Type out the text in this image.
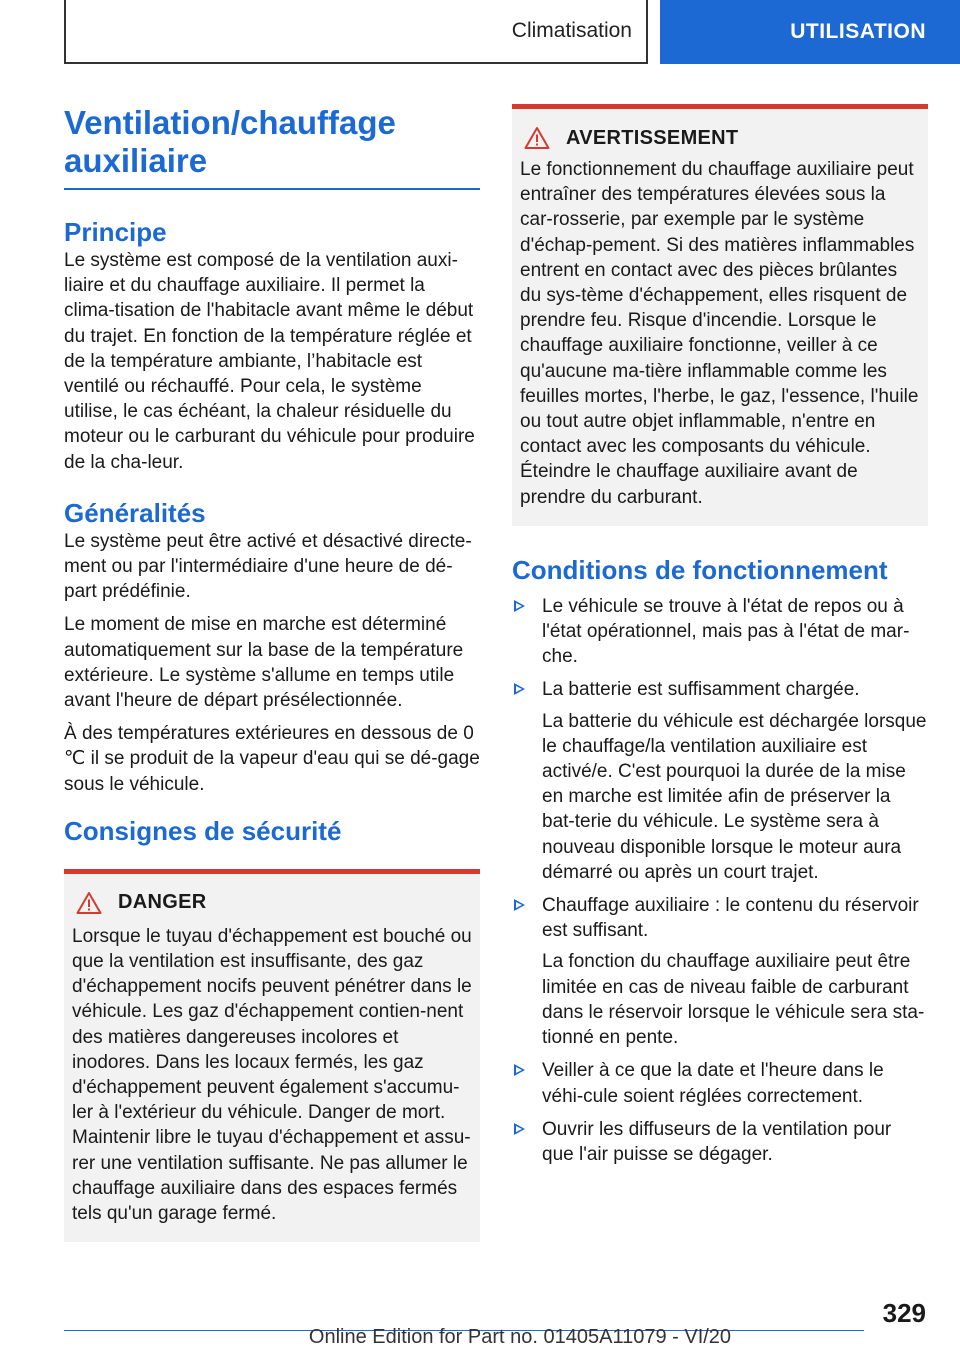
Climatisation	UTILISATION
Ventilation/chauffage auxiliaire
Principe

Le système est composé de la ventilation auxi-liaire et du chauffage auxiliaire. Il permet la clima-tisation de l'habitacle avant même le début du trajet. En fonction de la température réglée et de la température ambiante, l’habitacle est ventilé ou réchauffé. Pour cela, le système utilise, le cas échéant, la chaleur résiduelle du moteur ou le carburant du véhicule pour produire de la cha-leur.

Généralités

Le système peut être activé et désactivé directe-ment ou par l'intermédiaire d'une heure de dé-part prédéfinie.

Le moment de mise en marche est déterminé automatiquement sur la base de la température extérieure. Le système s'allume en temps utile avant l'heure de départ présélectionnée.

À des températures extérieures en dessous de 0 ℃ il se produit de la vapeur d'eau qui se dé-gage sous le véhicule.

Consignes de sécurité
DANGER

Lorsque le tuyau d'échappement est bouché ou que la ventilation est insuffisante, des gaz d'échappement nocifs peuvent pénétrer dans le véhicule. Les gaz d'échappement contien-nent des matières dangereuses incolores et inodores. Dans les locaux fermés, les gaz d'échappement peuvent également s'accumu-ler à l'extérieur du véhicule. Danger de mort. Maintenir libre le tuyau d'échappement et assu-rer une ventilation suffisante. Ne pas allumer le chauffage auxiliaire dans des espaces fermés tels qu'un garage fermé.

AVERTISSEMENT

Le fonctionnement du chauffage auxiliaire peut entraîner des températures élevées sous la car-rosserie, par exemple par le système d'échap-pement. Si des matières inflammables entrent en contact avec des pièces brûlantes du sys-tème d'échappement, elles risquent de prendre feu. Risque d'incendie. Lorsque le chauffage auxiliaire fonctionne, veiller à ce qu'aucune ma-tière inflammable comme les feuilles mortes, l'herbe, le gaz, l'essence, l'huile ou tout autre objet inflammable, n'entre en contact avec les composants du véhicule. Éteindre le chauffage auxiliaire avant de prendre du carburant.

Conditions de fonctionnement

Le véhicule se trouve à l'état de repos ou à l'état opérationnel, mais pas à l'état de mar-che.

La batterie est suffisamment chargée.

La batterie du véhicule est déchargée lorsque le chauffage/la ventilation auxiliaire est activé/e. C'est pourquoi la durée de la mise en marche est limitée afin de préserver la bat-terie du véhicule. Le système sera à nouveau disponible lorsque le moteur aura démarré ou après un court trajet.

Chauffage auxiliaire : le contenu du réservoir est suffisant.

La fonction du chauffage auxiliaire peut être limitée en cas de niveau faible de carburant dans le réservoir lorsque le véhicule sera sta-tionné en pente.

Veiller à ce que la date et l'heure dans le véhi-cule soient réglées correctement.

Ouvrir les diffuseurs de la ventilation pour que l'air puisse se dégager.

329
Online Edition for Part no. 01405A11079 - VI/20
